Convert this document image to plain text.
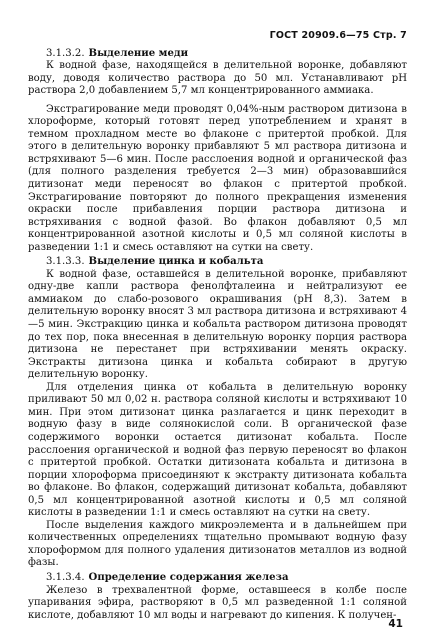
ГОСТ 20909.6—75 Стр. 7

3.1.3.2. Выделение меди

К водной фазе, находящейся в делительной воронке, добавляют воду, доводя количество раствора до 50 мл. Устанавливают рН раствора 2,0 добавлением 5,7 мл концентрированного аммиака.

Экстрагирование меди проводят 0,04%-ным раствором дитизона в хлороформе, который готовят перед употреблением и хранят в темном прохладном месте во флаконе с притертой пробкой. Для этого в делительную воронку прибавляют 5 мл раствора дитизона и встряхивают 5—6 мин. После расслоения водной и органической фаз (для полного разделения требуется 2—3 мин) образовавшийся дитизонат меди переносят во флакон с притертой пробкой. Экстрагирование повторяют до полного прекращения изменения окраски после прибавления порции раствора дитизона и встряхивания с водной фазой. Во флакон добавляют 0,5 мл концентрированной азотной кислоты и 0,5 мл соляной кислоты в разведении 1:1 и смесь оставляют на сутки на свету.

3.1.3.3. Выделение цинка и кобальта

К водной фазе, оставшейся в делительной воронке, прибавляют одну-две капли раствора фенолфталеина и нейтрализуют ее аммиаком до слабо-розового окрашивания (рН 8,3). Затем в делительную воронку вносят 3 мл раствора дитизона и встряхивают 4—5 мин. Экстракцию цинка и кобальта раствором дитизона проводят до тех пор, пока внесенная в делительную воронку порция раствора дитизона не перестанет при встряхивании менять окраску. Экстракты дитизона цинка и кобальта собирают в другую делительную воронку.

Для отделения цинка от кобальта в делительную воронку приливают 50 мл 0,02 н. раствора соляной кислоты и встряхивают 10 мин. При этом дитизонат цинка разлагается и цинк переходит в водную фазу в виде солянокислой соли. В органической фазе содержимого воронки остается дитизонат кобальта. После расслоения органической и водной фаз первую переносят во флакон с притертой пробкой. Остатки дитизоната кобальта и дитизона в порции хлороформа присоединяют к экстракту дитизоната кобальта во флаконе. Во флакон, содержащий дитизонат кобальта, добавляют 0,5 мл концентрированной азотной кислоты и 0,5 мл соляной кислоты в разведении 1:1 и смесь оставляют на сутки на свету.

После выделения каждого микроэлемента и в дальнейшем при количественных определениях тщательно промывают водную фазу хлороформом для полного удаления дитизонатов металлов из водной фазы.

3.1.3.4. Определение содержания железа

Железо в трехвалентной форме, оставшееся в колбе после упаривания эфира, растворяют в 0,5 мл разведенной 1:1 соляной кислоте, добавляют 10 мл воды и нагревают до кипения. К получен-

41
